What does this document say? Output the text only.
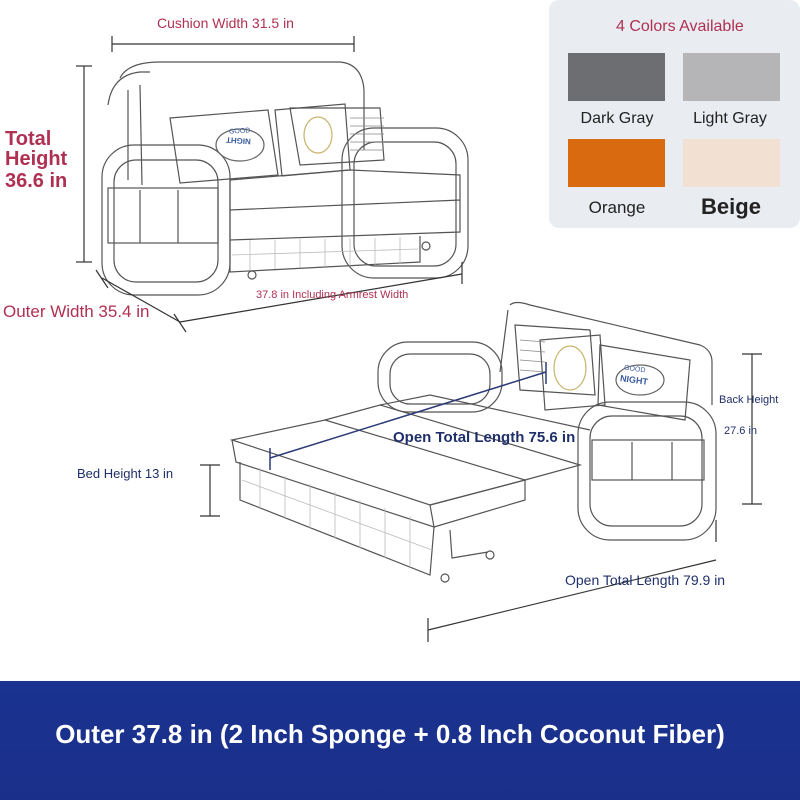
GOOD
NIGHT
GOOD
NIGHT
Cushion Width 31.5 in
Total
Height
36.6 in
Outer Width 35.4 in
37.8 in Including Armrest Width
Open Total Length 75.6 in
Back Height
27.6 in
Bed Height 13 in
Open Total Length 79.9 in
4 Colors Available
Dark Gray	Light Gray
Orange	Beige
Outer 37.8 in (2 Inch Sponge + 0.8 Inch Coconut Fiber)
